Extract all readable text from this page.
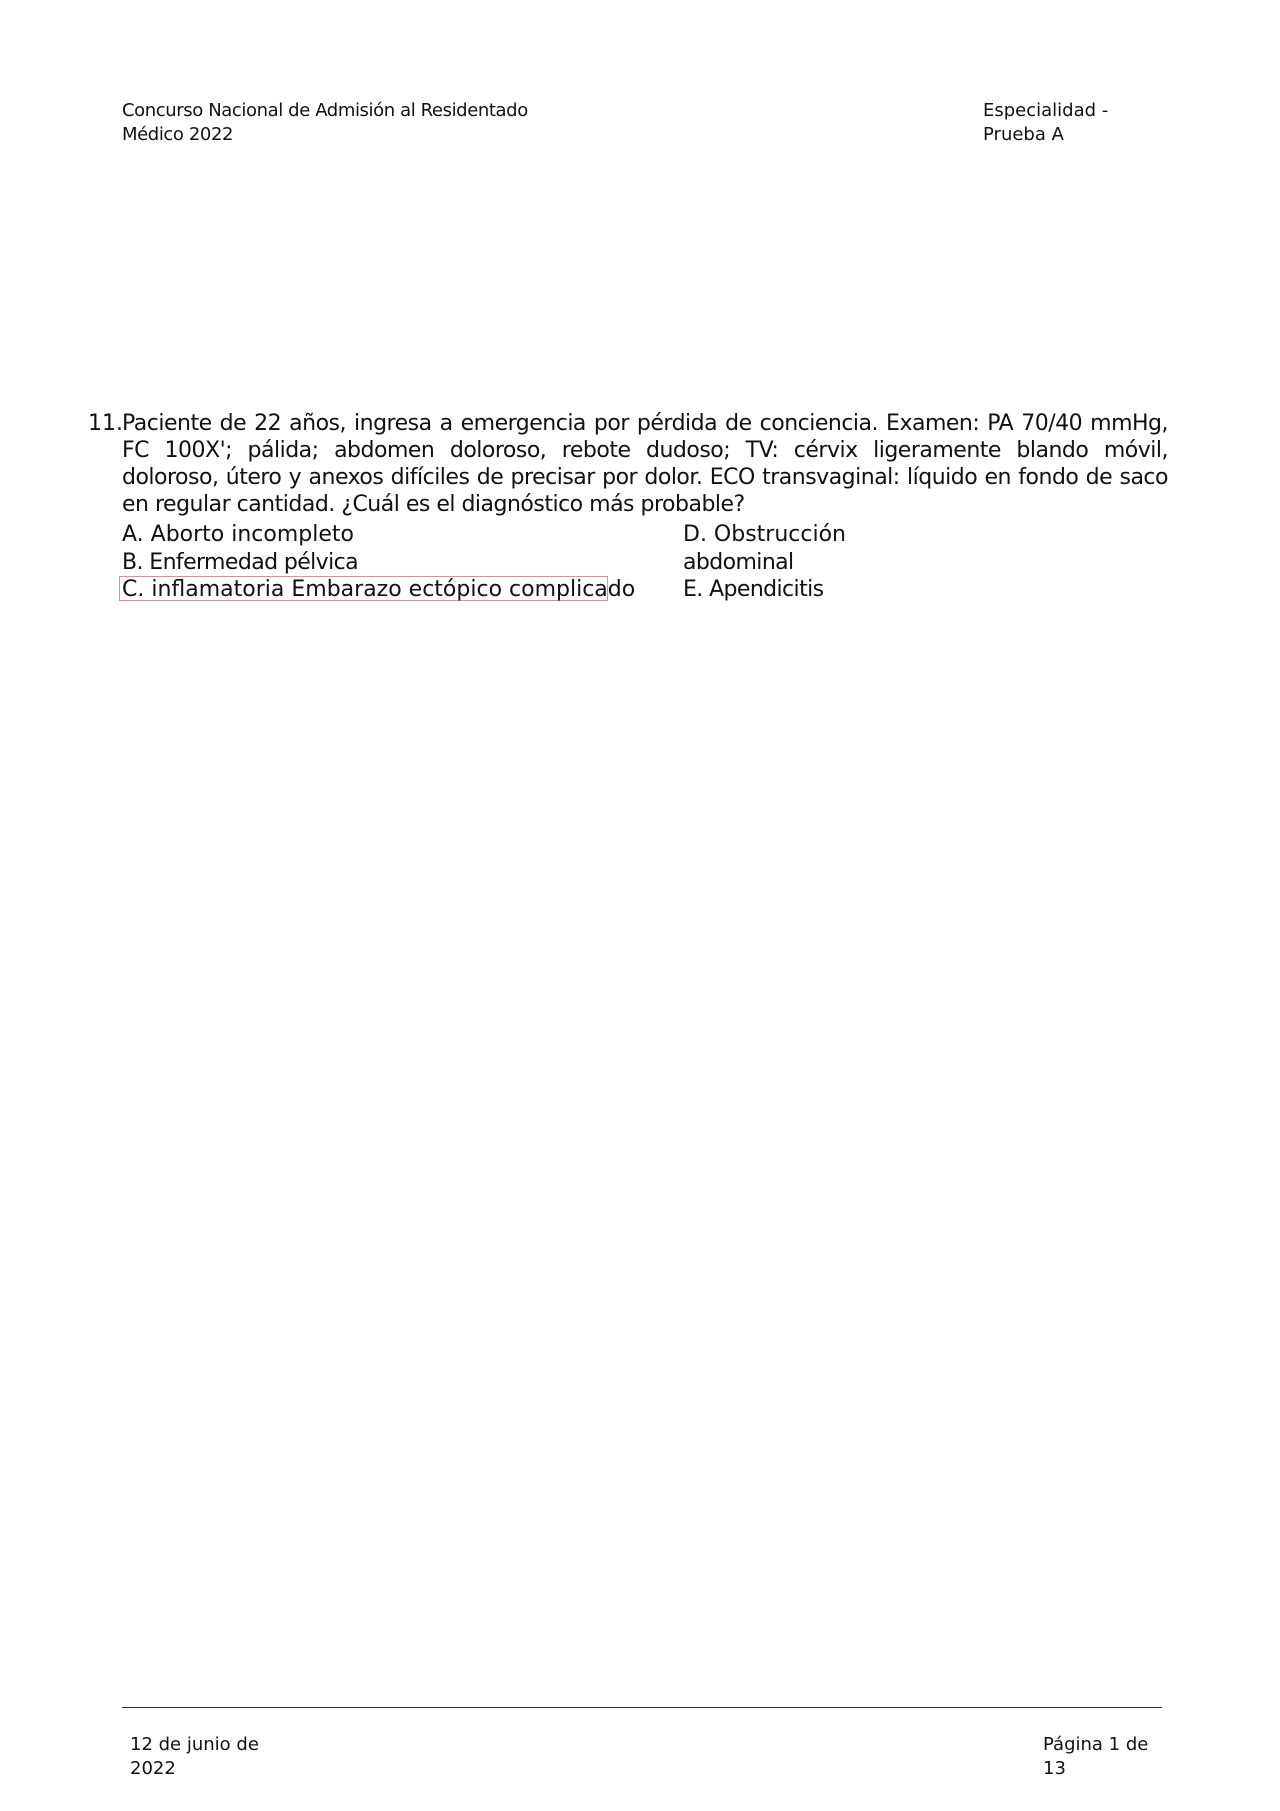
Concurso Nacional de Admisión al Residentado
Médico 2022
Especialidad -
Prueba A
11. Paciente de 22 años, ingresa a emergencia por pérdida de conciencia. Examen: PA 70/40 mmHg, FC 100X'; pálida; abdomen doloroso, rebote dudoso; TV: cérvix ligeramente blando móvil, doloroso, útero y anexos difíciles de precisar por dolor. ECO transvaginal: líquido en fondo de saco en regular cantidad. ¿Cuál es el diagnóstico más probable?
A. Aborto incompleto
B. Enfermedad pélvica
C. inflamatoria Embarazo ectópico complicado
D. Obstrucción
abdominal
E. Apendicitis
12 de junio de
2022
Página 1 de
13
